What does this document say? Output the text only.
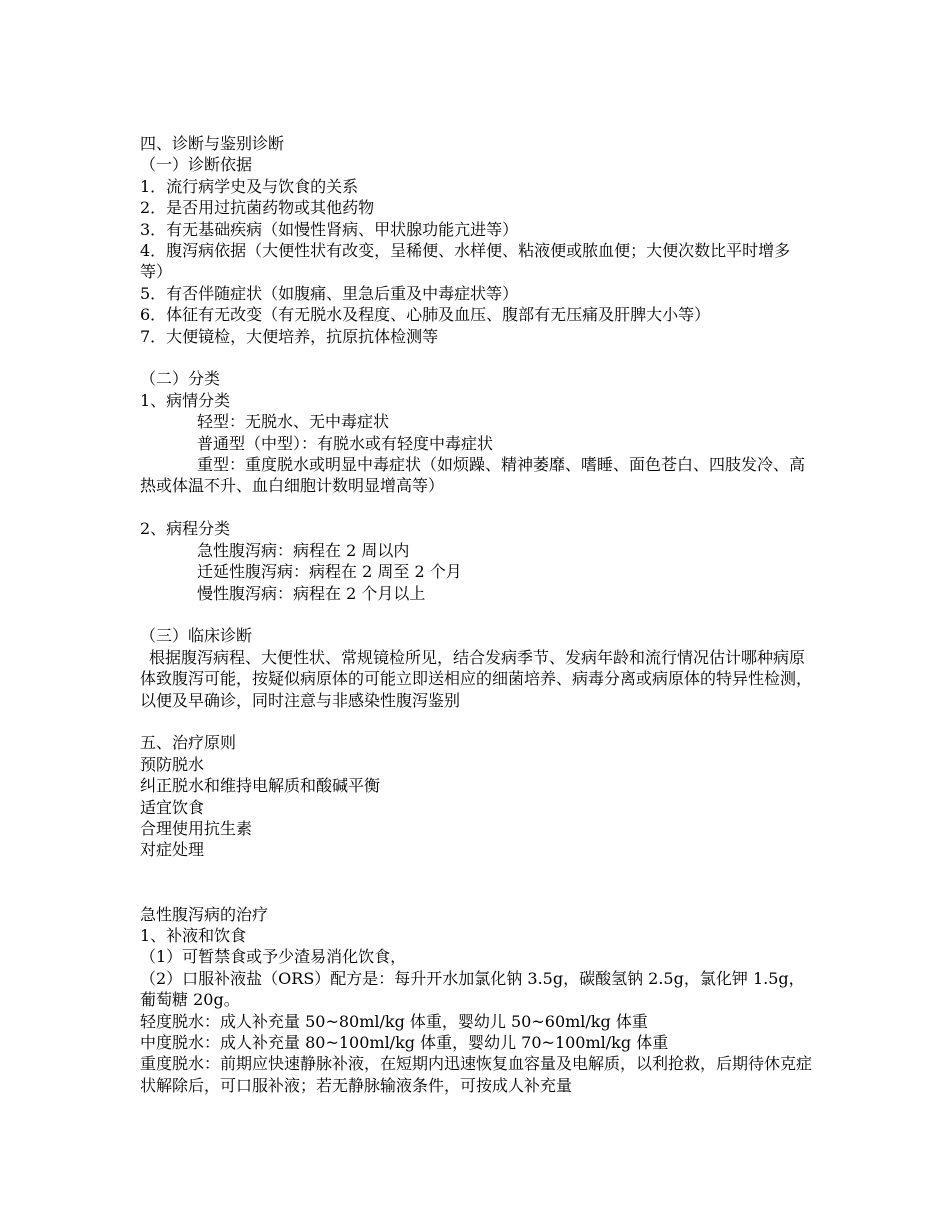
四、诊断与鉴别诊断

（一）诊断依据

1．流行病学史及与饮食的关系

2．是否用过抗菌药物或其他药物

3．有无基础疾病（如慢性肾病、甲状腺功能亢进等）

4．腹泻病依据（大便性状有改变，呈稀便、水样便、粘液便或脓血便；大便次数比平时增多等）

5．有否伴随症状（如腹痛、里急后重及中毒症状等）

6．体征有无改变（有无脱水及程度、心肺及血压、腹部有无压痛及肝脾大小等）

7．大便镜检，大便培养，抗原抗体检测等

（二）分类

1、病情分类

轻型：无脱水、无中毒症状

普通型（中型）：有脱水或有轻度中毒症状

重型：重度脱水或明显中毒症状（如烦躁、精神萎靡、嗜睡、面色苍白、四肢发冷、高热或体温不升、血白细胞计数明显增高等）

2、病程分类

急性腹泻病：病程在 2 周以内

迁延性腹泻病：病程在 2 周至 2 个月

慢性腹泻病：病程在 2 个月以上

（三）临床诊断

根据腹泻病程、大便性状、常规镜检所见，结合发病季节、发病年龄和流行情况估计哪种病原体致腹泻可能，按疑似病原体的可能立即送相应的细菌培养、病毒分离或病原体的特异性检测，以便及早确诊，同时注意与非感染性腹泻鉴别

五、治疗原则

预防脱水

纠正脱水和维持电解质和酸碱平衡

适宜饮食

合理使用抗生素

对症处理

急性腹泻病的治疗

1、补液和饮食

（1）可暂禁食或予少渣易消化饮食，

（2）口服补液盐（ORS）配方是：每升开水加氯化钠 3.5g，碳酸氢钠 2.5g，氯化钾 1.5g，葡萄糖 20g。

轻度脱水：成人补充量 50~80ml/kg 体重，婴幼儿 50~60ml/kg 体重

中度脱水：成人补充量 80~100ml/kg 体重，婴幼儿 70~100ml/kg 体重

重度脱水：前期应快速静脉补液，在短期内迅速恢复血容量及电解质，以利抢救，后期待休克症状解除后，可口服补液；若无静脉输液条件，可按成人补充量
